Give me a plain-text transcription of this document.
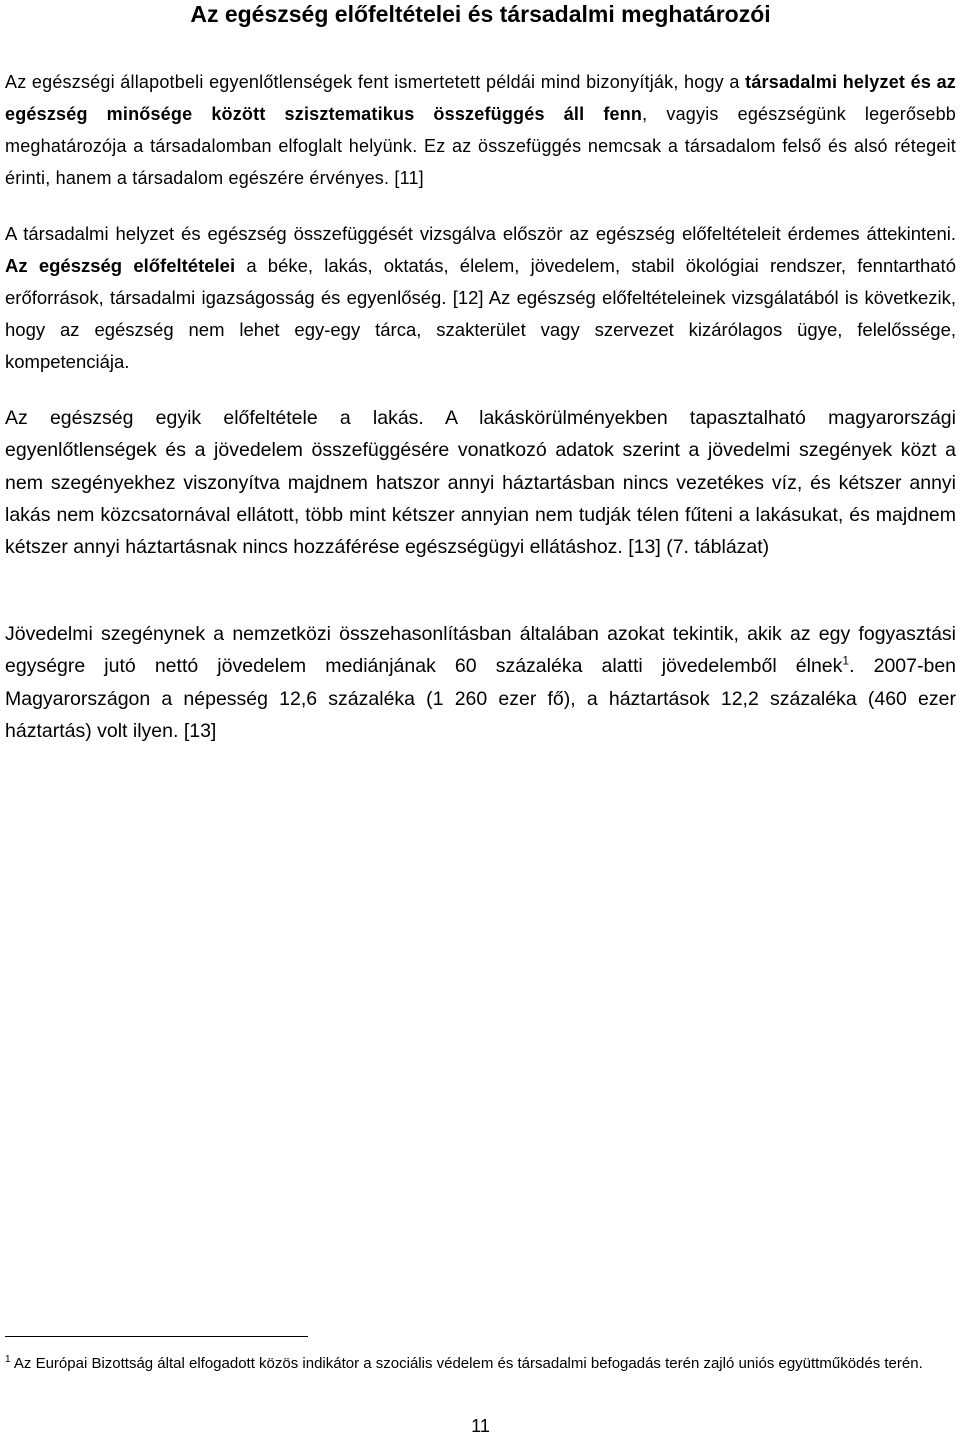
Az egészség előfeltételei és társadalmi meghatározói

Az egészségi állapotbeli egyenlőtlenségek fent ismertetett példái mind bizonyítják, hogy a társadalmi helyzet és az egészség minősége között szisztematikus összefüggés áll fenn, vagyis egészségünk legerősebb meghatározója a társadalomban elfoglalt helyünk. Ez az összefüggés nemcsak a társadalom felső és alsó rétegeit érinti, hanem a társadalom egészére érvényes. [11]

A társadalmi helyzet és egészség összefüggését vizsgálva először az egészség előfeltételeit érdemes áttekinteni. Az egészség előfeltételei a béke, lakás, oktatás, élelem, jövedelem, stabil ökológiai rendszer, fenntartható erőforrások, társadalmi igazságosság és egyenlőség. [12] Az egészség előfeltételeinek vizsgálatából is következik, hogy az egészség nem lehet egy-egy tárca, szakterület vagy szervezet kizárólagos ügye, felelőssége, kompetenciája.

Az egészség egyik előfeltétele a lakás. A lakáskörülményekben tapasztalható magyarországi egyenlőtlenségek és a jövedelem összefüggésére vonatkozó adatok szerint a jövedelmi szegények közt a nem szegényekhez viszonyítva majdnem hatszor annyi háztartásban nincs vezetékes víz, és kétszer annyi lakás nem közcsatornával ellátott, több mint kétszer annyian nem tudják télen fűteni a lakásukat, és majdnem kétszer annyi háztartásnak nincs hozzáférése egészségügyi ellátáshoz. [13] (7. táblázat)

Jövedelmi szegénynek a nemzetközi összehasonlításban általában azokat tekintik, akik az egy fogyasztási egységre jutó nettó jövedelem mediánjának 60 százaléka alatti jövedelemből élnek$^1$. 2007-ben Magyarországon a népesség 12,6 százaléka (1 260 ezer fő), a háztartások 12,2 százaléka (460 ezer háztartás) volt ilyen. [13]

$^1$ Az Európai Bizottság által elfogadott közös indikátor a szociális védelem és társadalmi befogadás terén zajló uniós együttműködés terén.

11
